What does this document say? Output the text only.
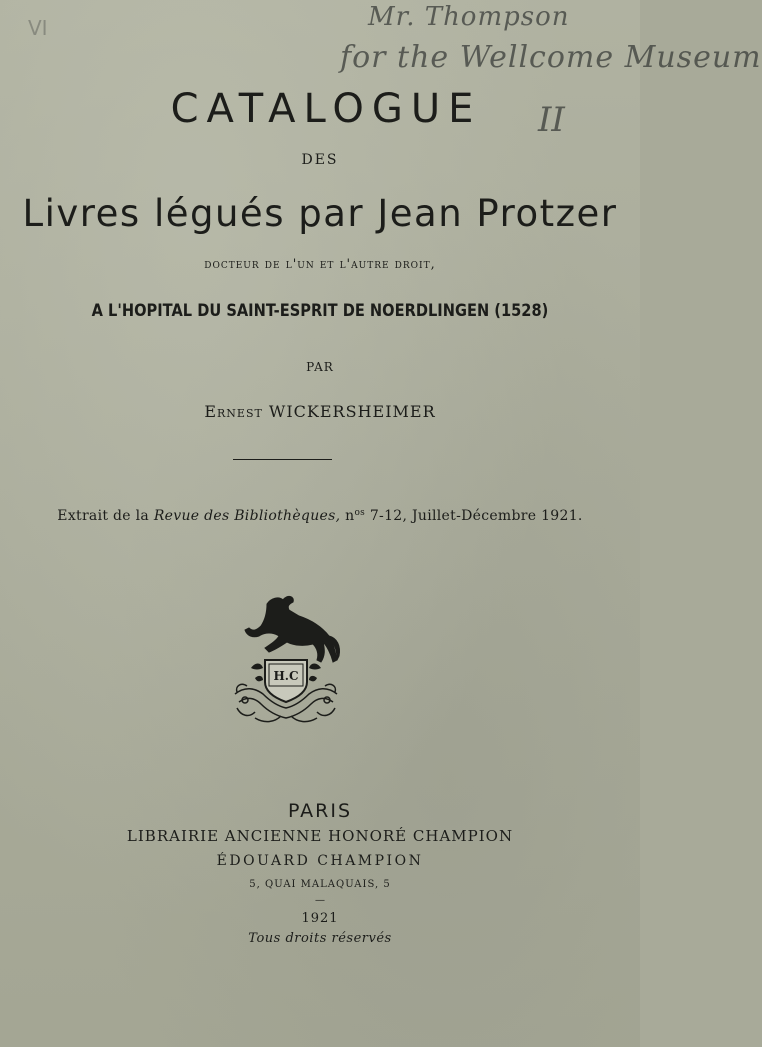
VI	Mr. Thompson
for the Wellcome Museum
II
CATALOGUE
DES
Livres légués par Jean Protzer
docteur de l'un et l'autre droit,
A L'HOPITAL DU SAINT-ESPRIT DE NOERDLINGEN (1528)
PAR
Ernest WICKERSHEIMER
Extrait de la Revue des Bibliothèques, $n^{os}$ 7-12, Juillet-Décembre 1921.
H.C
PARIS
LIBRAIRIE ANCIENNE HONORÉ CHAMPION
ÉDOUARD CHAMPION
5, QUAI MALAQUAIS, 5
—
1921
Tous droits réservés
